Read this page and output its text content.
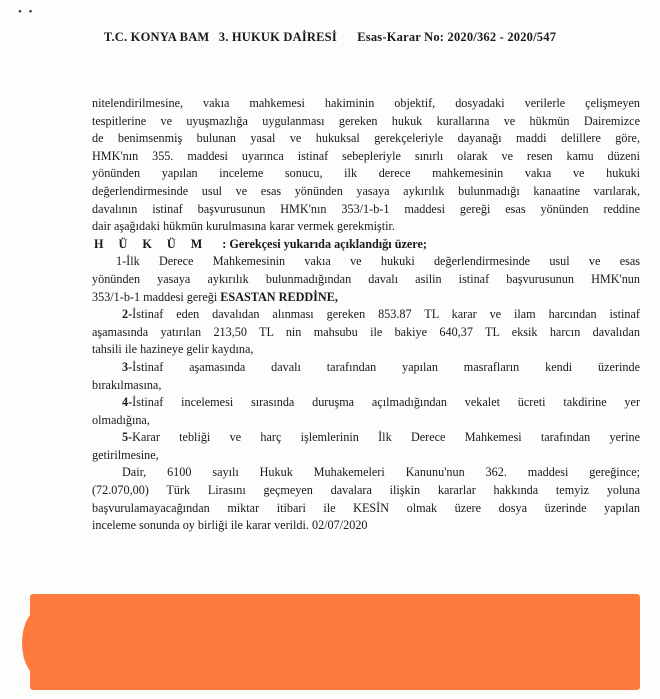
• •
T.C. KONYA BAM 3. HUKUK DAİRESİ Esas-Karar No: 2020/362 - 2020/547

nitelendirilmesine, vakıa mahkemesi hakiminin objektif, dosyadaki verilerle çelişmeyen

tespitlerine ve uyuşmazlığa uygulanması gereken hukuk kurallarına ve hükmün Dairemizce

de benimsenmiş bulunan yasal ve hukuksal gerekçeleriyle dayanağı maddi delillere göre,

HMK'nın 355. maddesi uyarınca istinaf sebepleriyle sınırlı olarak ve resen kamu düzeni

yönünden yapılan inceleme sonucu, ilk derece mahkemesinin vakıa ve hukuki

değerlendirmesinde usul ve esas yönünden yasaya aykırılık bulunmadığı kanaatine varılarak,

davalının istinaf başvurusunun HMK'nın 353/1-b-1 maddesi gereği esas yönünden reddine

dair aşağıdaki hükmün kurulmasına karar vermek gerekmiştir.

H Ü K Ü M : Gerekçesi yukarıda açıklandığı üzere;

1-İlk Derece Mahkemesinin vakıa ve hukuki değerlendirmesinde usul ve esas

yönünden yasaya aykırılık bulunmadığından davalı asilin istinaf başvurusunun HMK'nun

353/1-b-1 maddesi gereği ESASTAN REDDİNE,

2-İstinaf eden davalıdan alınması gereken 853.87 TL karar ve ilam harcından istinaf

aşamasında yatırılan 213,50 TL nin mahsubu ile bakiye 640,37 TL eksik harcın davalıdan

tahsili ile hazineye gelir kaydına,

3-İstinaf aşamasında davalı tarafından yapılan masrafların kendi üzerinde

bırakılmasına,

4-İstinaf incelemesi sırasında duruşma açılmadığından vekalet ücreti takdirine yer

olmadığına,

5-Karar tebliği ve harç işlemlerinin İlk Derece Mahkemesi tarafından yerine

getirilmesine,

Dair, 6100 sayılı Hukuk Muhakemeleri Kanunu'nun 362. maddesi gereğince;

(72.070,00) Türk Lirasını geçmeyen davalara ilişkin kararlar hakkında temyiz yoluna

başvurulamayacağından miktar itibari ile KESİN olmak üzere dosya üzerinde yapılan

inceleme sonunda oy birliği ile karar verildi. 02/07/2020
